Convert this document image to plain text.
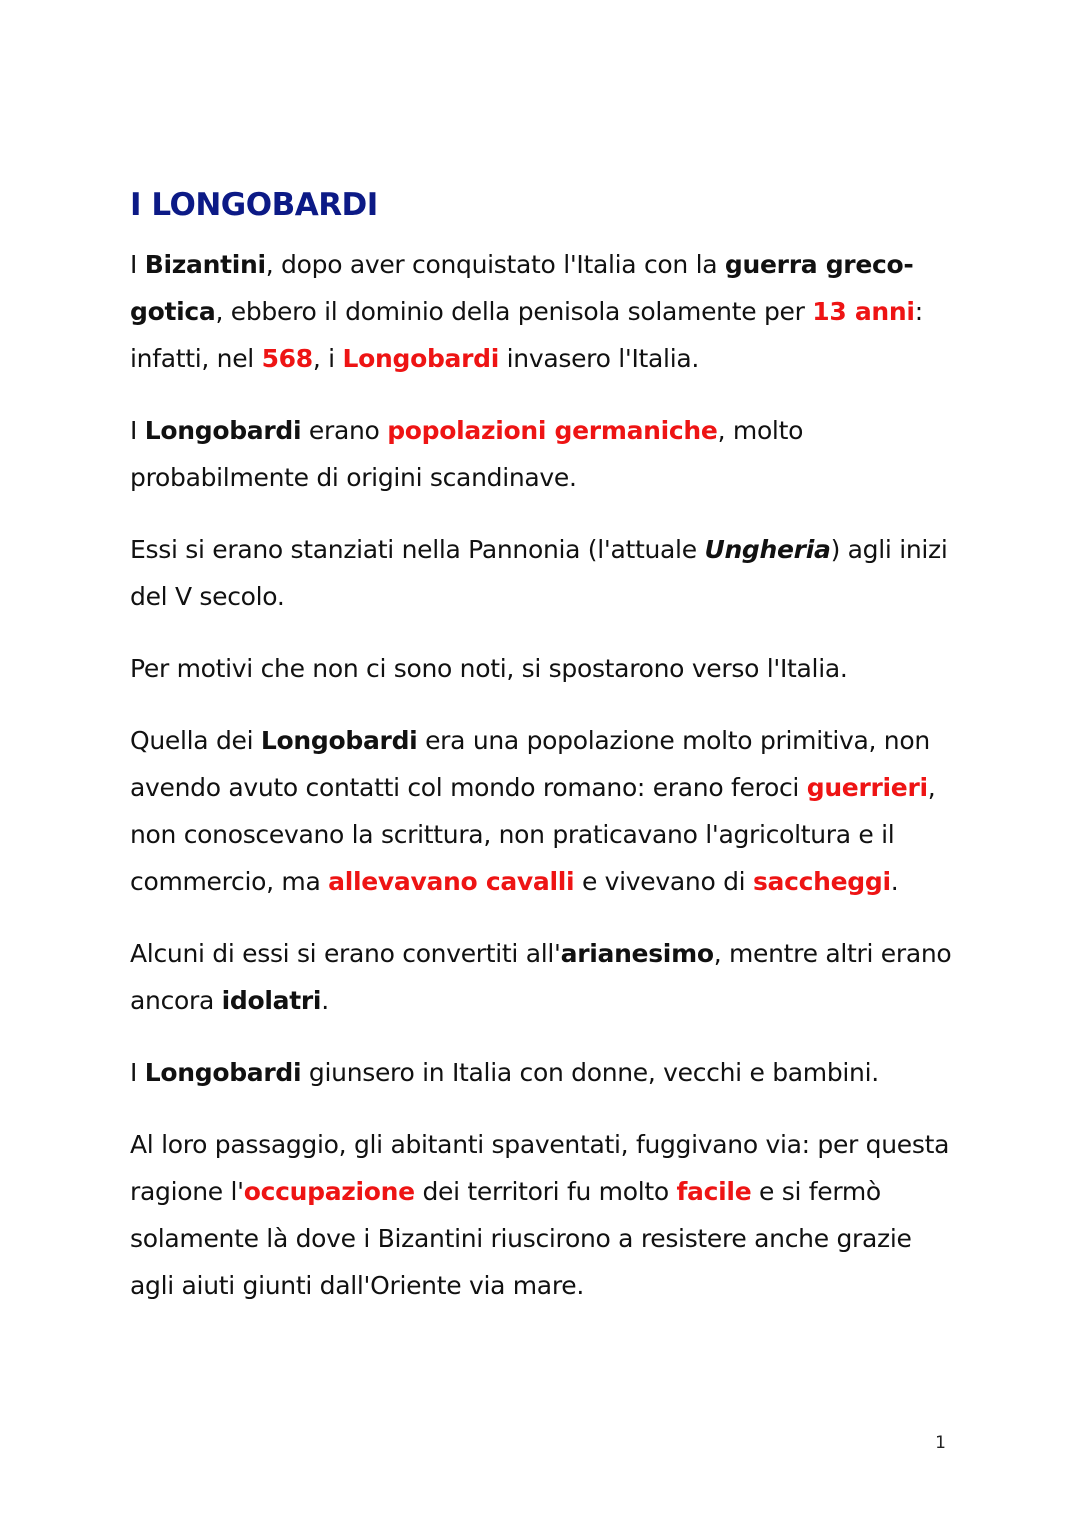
I LONGOBARDI

I Bizantini, dopo aver conquistato l'Italia con la guerra greco-gotica, ebbero il dominio della penisola solamente per 13 anni: infatti, nel 568, i Longobardi invasero l'Italia.

I Longobardi erano popolazioni germaniche, molto probabilmente di origini scandinave.

Essi si erano stanziati nella Pannonia (l'attuale Ungheria) agli inizi del V secolo.

Per motivi che non ci sono noti, si spostarono verso l'Italia.

Quella dei Longobardi era una popolazione molto primitiva, non avendo avuto contatti col mondo romano: erano feroci guerrieri, non conoscevano la scrittura, non praticavano l'agricoltura e il commercio, ma allevavano cavalli e vivevano di saccheggi.

Alcuni di essi si erano convertiti all'arianesimo, mentre altri erano ancora idolatri.

I Longobardi giunsero in Italia con donne, vecchi e bambini.

Al loro passaggio, gli abitanti spaventati, fuggivano via: per questa ragione l'occupazione dei territori fu molto facile e si fermò solamente là dove i Bizantini riuscirono a resistere anche grazie agli aiuti giunti dall'Oriente via mare.

1
